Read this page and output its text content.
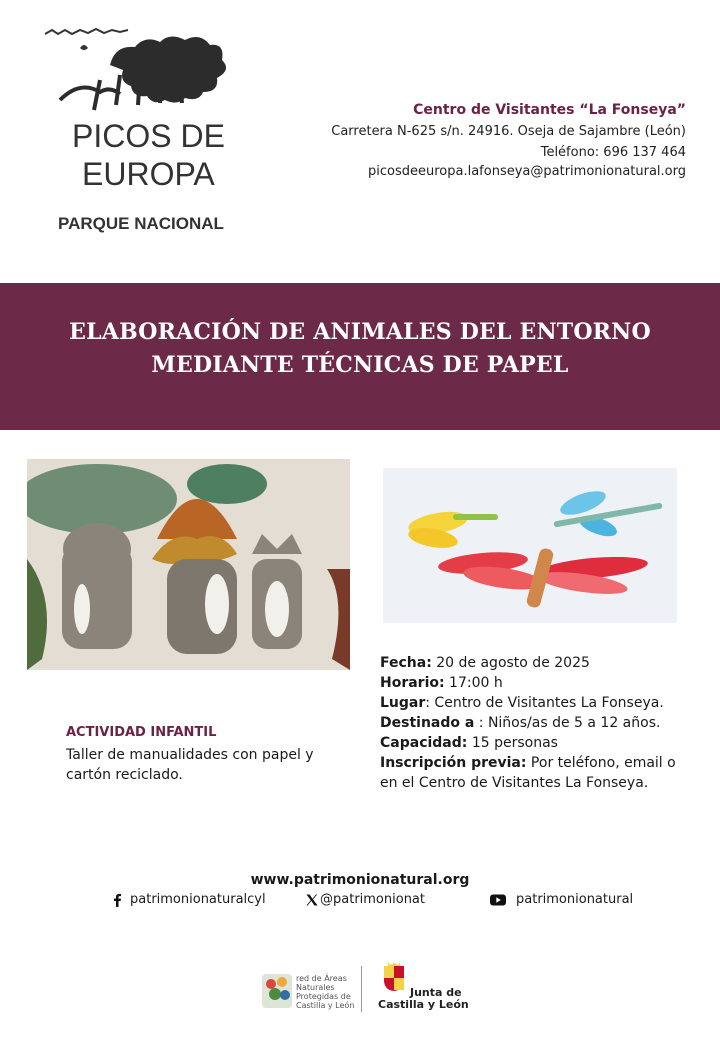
PICOS DE
EUROPA
PARQUE NACIONAL
Centro de Visitantes “La Fonseya”
Carretera N-625 s/n. 24916. Oseja de Sajambre (León)
Teléfono: 696 137 464
picosdeeuropa.lafonseya@patrimonionatural.org
ELABORACIÓN DE ANIMALES DEL ENTORNO
MEDIANTE TÉCNICAS DE PAPEL
ACTIVIDAD INFANTIL
Taller de manualidades con papel y cartón reciclado.

Fecha: 20 de agosto de 2025

Horario: 17:00 h

Lugar: Centro de Visitantes La Fonseya.

Destinado a : Niños/as de 5 a 12 años.

Capacidad: 15 personas

Inscripción previa: Por teléfono, email o en el Centro de Visitantes La Fonseya.

www.patrimonionatural.org
patrimonionaturalcyl	@patrimonionat	patrimonionatural
red de Áreas Naturales Protegidas de Castilla y León
Junta de
Castilla y León
